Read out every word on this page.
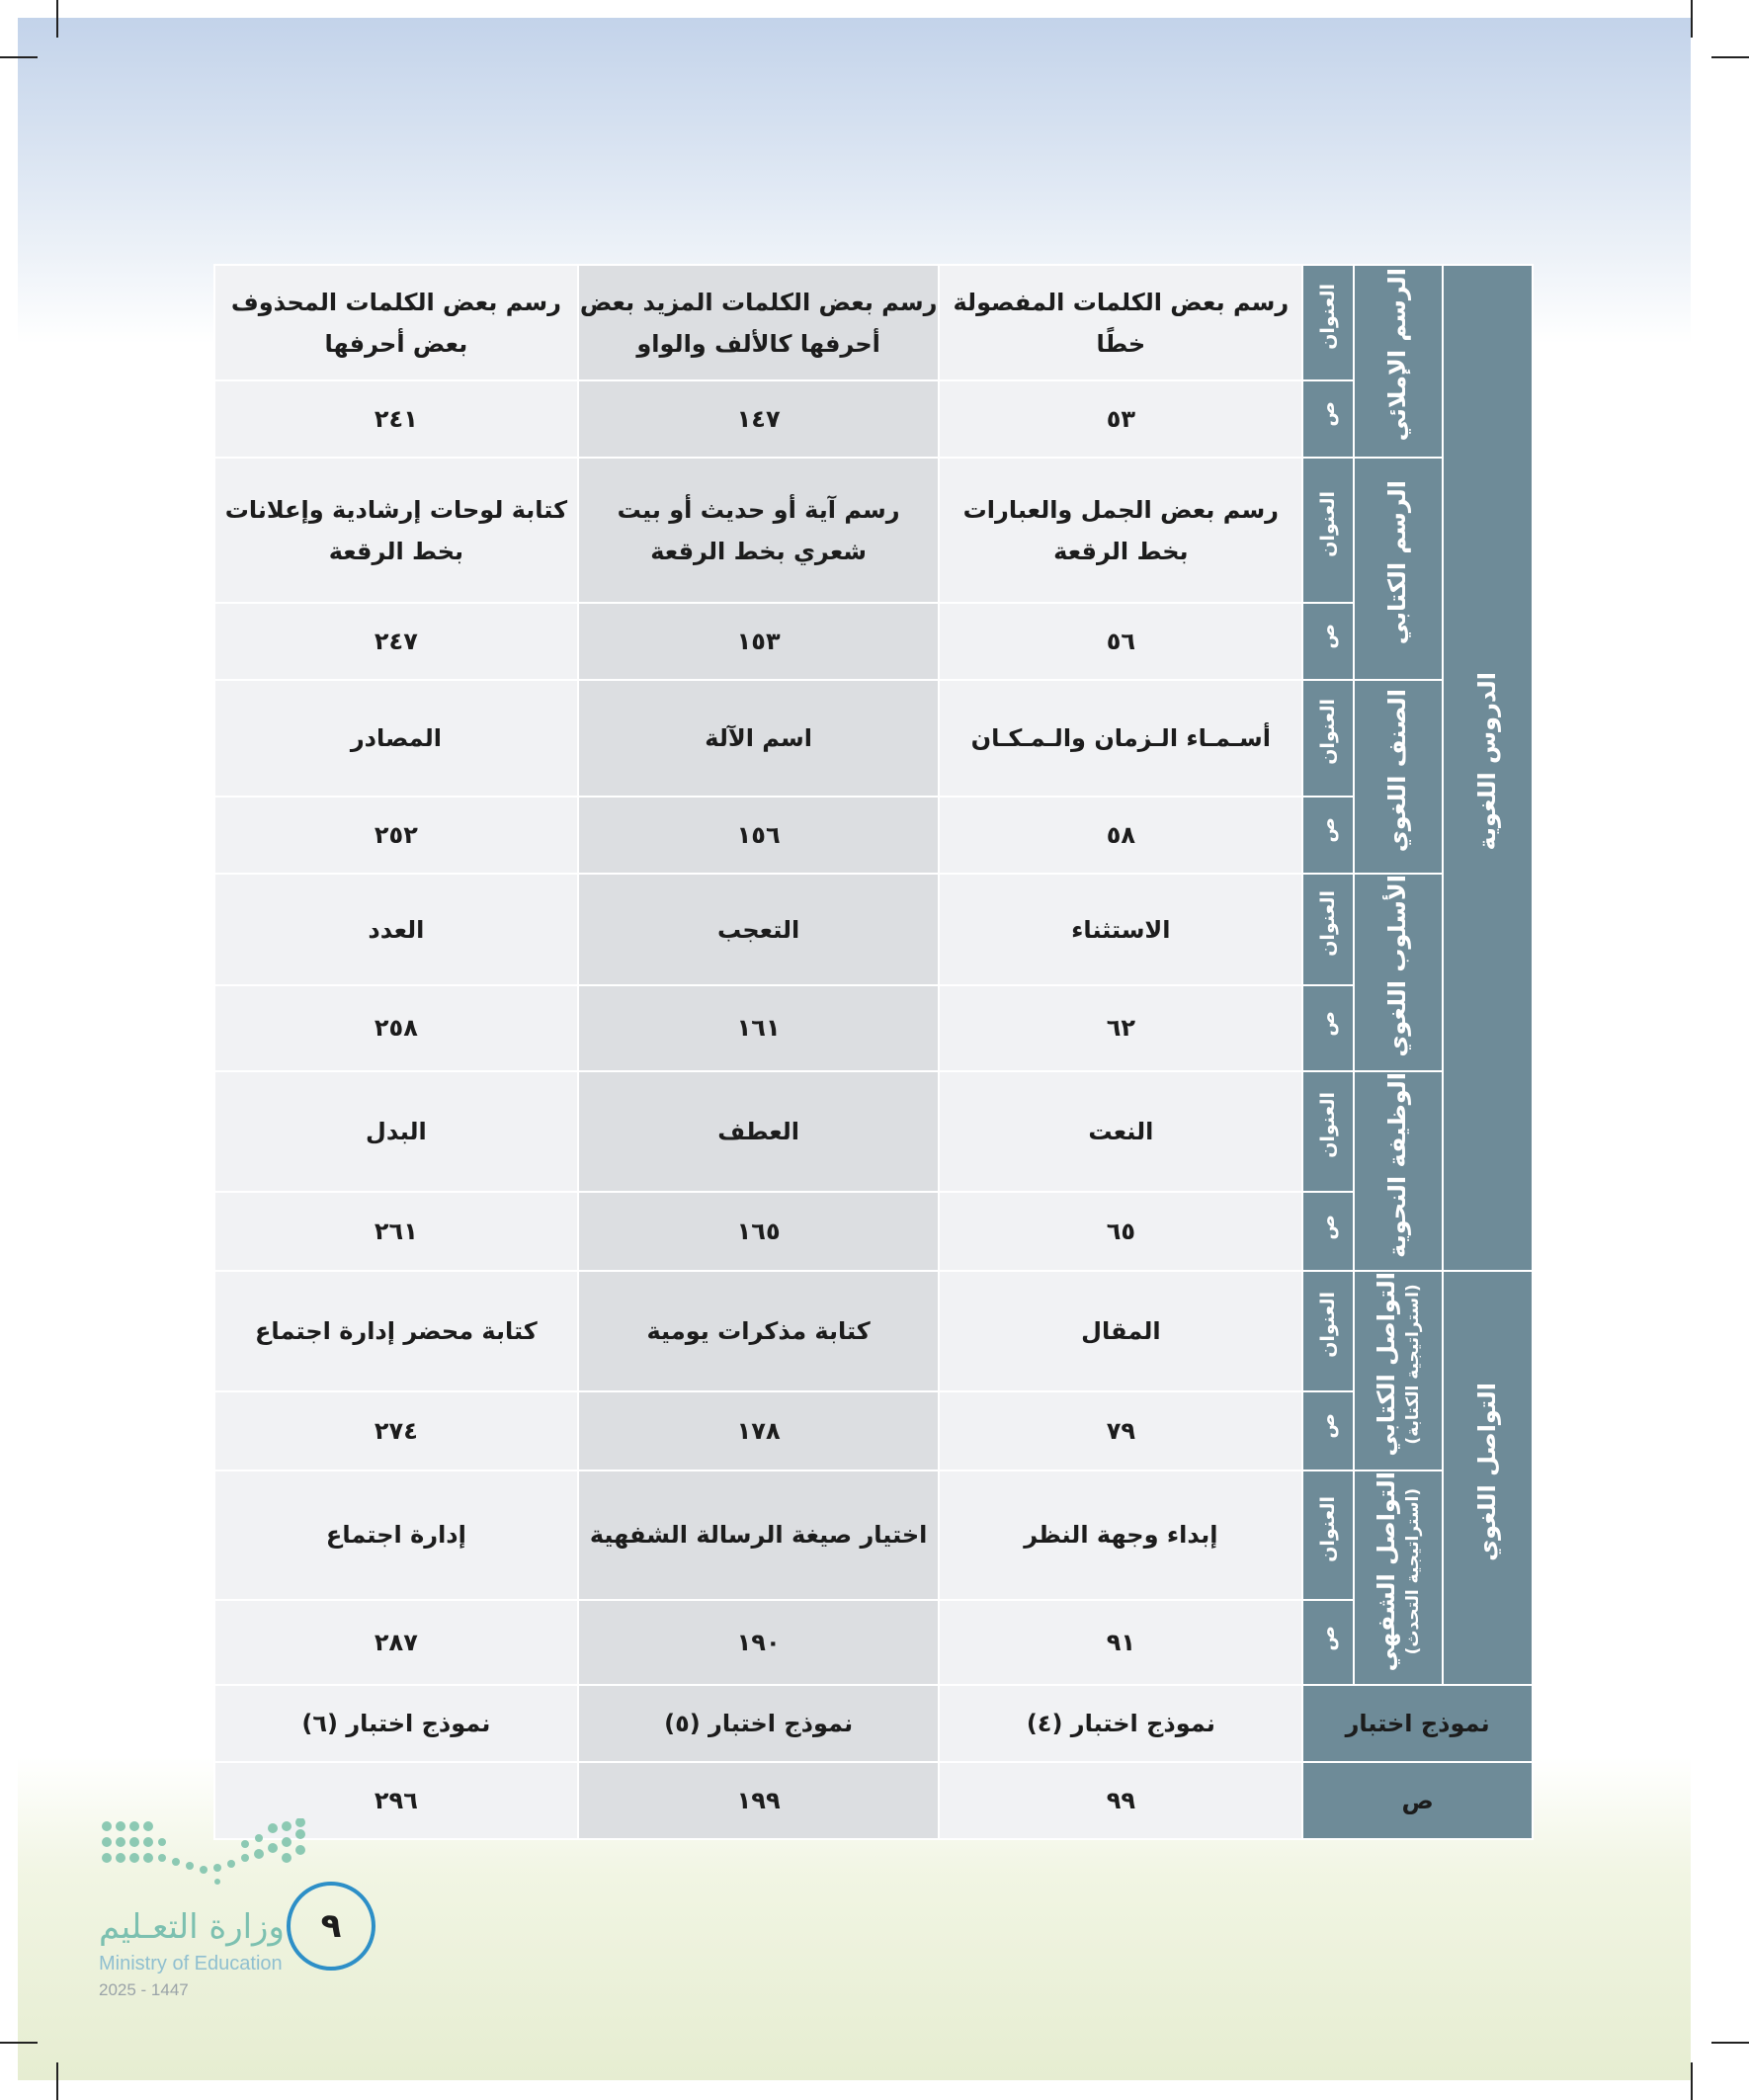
الدروس اللغوية	الرسم الإملائي	العنوان	رسم بعض الكلمات المفصولة خطًا	رسم بعض الكلمات المزيد بعض أحرفها كالألف والواو	رسم بعض الكلمات المحذوف بعض أحرفها
		ص	٥٣	١٤٧	٢٤١
	الرسم الكتابي	العنوان	رسم بعض الجمل والعبارات بخط الرقعة	رسم آية أو حديث أو بيت شعري بخط الرقعة	كتابة لوحات إرشادية وإعلانات بخط الرقعة
		ص	٥٦	١٥٣	٢٤٧
	الصنف اللغوي	العنوان	أسـمـاء الـزمان والـمـكـان	اسم الآلة	المصادر
		ص	٥٨	١٥٦	٢٥٢
	الأسلوب اللغوي	العنوان	الاستثناء	التعجب	العدد
		ص	٦٢	١٦١	٢٥٨
	الوظيفة النحوية	العنوان	النعت	العطف	البدل
		ص	٦٥	١٦٥	٢٦١
التواصل اللغوي	التواصل الكتابي (استراتيجية الكتابة)	العنوان	المقال	كتابة مذكرات يومية	كتابة محضر إدارة اجتماع
		ص	٧٩	١٧٨	٢٧٤

	التواصل الشفهي (استراتيجية التحدث)	العنوان	إبداء وجهة النظر	اختيار صيغة الرسالة الشفهية	إدارة اجتماع
		ص	٩١	١٩٠	٢٨٧
نموذج اختبار			نموذج اختبار (٤)	نموذج اختبار (٥)	نموذج اختبار (٦)
ص			٩٩	١٩٩	٢٩٦
وزارة التعـليم
Ministry of Education
2025 - 1447
٩
